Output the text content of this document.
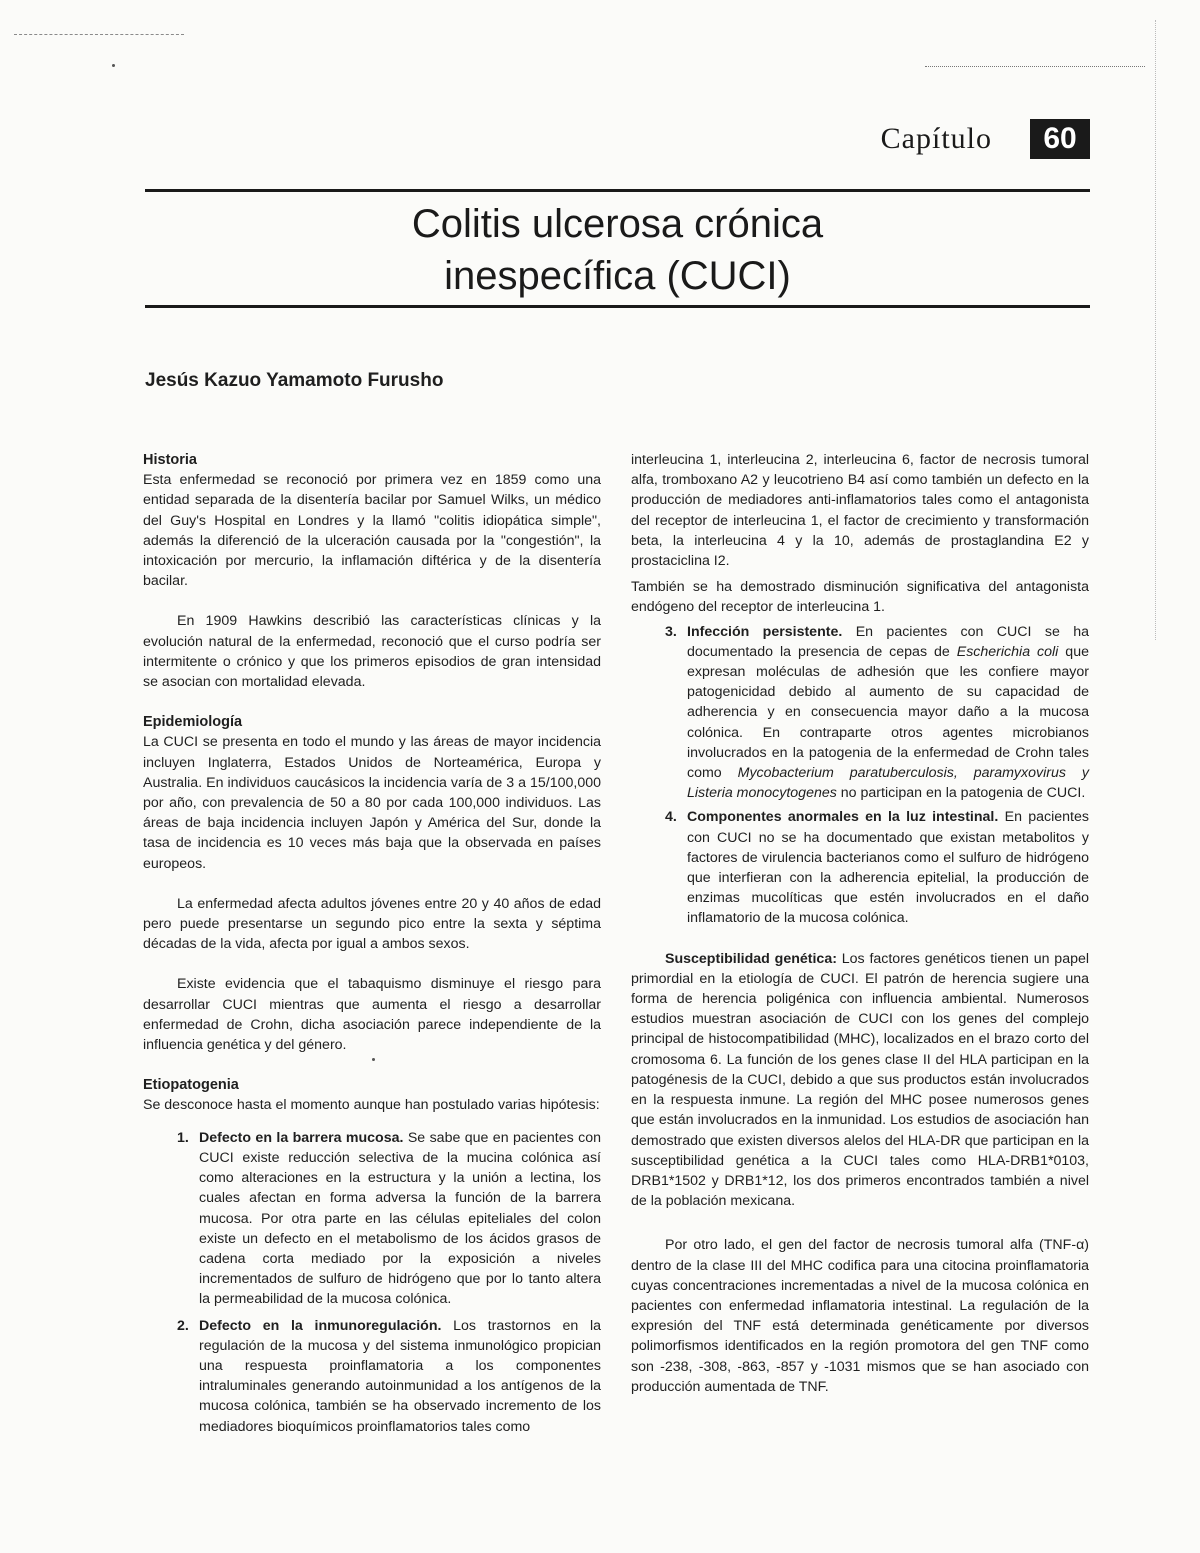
Capítulo	60
Colitis ulcerosa crónica
inespecífica (CUCI)
Jesús Kazuo Yamamoto Furusho

Historia

Esta enfermedad se reconoció por primera vez en 1859 como una entidad separada de la disentería bacilar por Samuel Wilks, un médico del Guy's Hospital en Londres y la llamó "colitis idiopática simple", además la diferenció de la ulceración causada por la "congestión", la intoxicación por mercurio, la inflamación diftérica y de la disentería bacilar.

En 1909 Hawkins describió las características clínicas y la evolución natural de la enfermedad, reconoció que el curso podría ser intermitente o crónico y que los primeros episodios de gran intensidad se asocian con mortalidad elevada.

Epidemiología

La CUCI se presenta en todo el mundo y las áreas de mayor incidencia incluyen Inglaterra, Estados Unidos de Norteamérica, Europa y Australia. En individuos caucásicos la incidencia varía de 3 a 15/100,000 por año, con prevalencia de 50 a 80 por cada 100,000 individuos. Las áreas de baja incidencia incluyen Japón y América del Sur, donde la tasa de incidencia es 10 veces más baja que la observada en países europeos.

La enfermedad afecta adultos jóvenes entre 20 y 40 años de edad pero puede presentarse un segundo pico entre la sexta y séptima décadas de la vida, afecta por igual a ambos sexos.

Existe evidencia que el tabaquismo disminuye el riesgo para desarrollar CUCI mientras que aumenta el riesgo a desarrollar enfermedad de Crohn, dicha asociación parece independiente de la influencia genética y del género.

Etiopatogenia

Se desconoce hasta el momento aunque han postulado varias hipótesis:

1. Defecto en la barrera mucosa. Se sabe que en pacientes con CUCI existe reducción selectiva de la mucina colónica así como alteraciones en la estructura y la unión a lectina, los cuales afectan en forma adversa la función de la barrera mucosa. Por otra parte en las células epiteliales del colon existe un defecto en el metabolismo de los ácidos grasos de cadena corta mediado por la exposición a niveles incrementados de sulfuro de hidrógeno que por lo tanto altera la permeabilidad de la mucosa colónica.
2. Defecto en la inmunoregulación. Los trastornos en la regulación de la mucosa y del sistema inmunológico propician una respuesta proinflamatoria a los componentes intraluminales generando autoinmunidad a los antígenos de la mucosa colónica, también se ha observado incremento de los mediadores bioquímicos proinflamatorios tales como

interleucina 1, interleucina 2, interleucina 6, factor de necrosis tumoral alfa, tromboxano A2 y leucotrieno B4 así como también un defecto en la producción de mediadores anti-inflamatorios tales como el antagonista del receptor de interleucina 1, el factor de crecimiento y transformación beta, la interleucina 4 y la 10, además de prostaglandina E2 y prostaciclina I2.

También se ha demostrado disminución significativa del antagonista endógeno del receptor de interleucina 1.

3. Infección persistente. En pacientes con CUCI se ha documentado la presencia de cepas de Escherichia coli que expresan moléculas de adhesión que les confiere mayor patogenicidad debido al aumento de su capacidad de adherencia y en consecuencia mayor daño a la mucosa colónica. En contraparte otros agentes microbianos involucrados en la patogenia de la enfermedad de Crohn tales como Mycobacterium paratuberculosis, paramyxovirus y Listeria monocytogenes no participan en la patogenia de CUCI.
4. Componentes anormales en la luz intestinal. En pacientes con CUCI no se ha documentado que existan metabolitos y factores de virulencia bacterianos como el sulfuro de hidrógeno que interfieran con la adherencia epitelial, la producción de enzimas mucolíticas que estén involucrados en el daño inflamatorio de la mucosa colónica.

Susceptibilidad genética: Los factores genéticos tienen un papel primordial en la etiología de CUCI. El patrón de herencia sugiere una forma de herencia poligénica con influencia ambiental. Numerosos estudios muestran asociación de CUCI con los genes del complejo principal de histocompatibilidad (MHC), localizados en el brazo corto del cromosoma 6. La función de los genes clase II del HLA participan en la patogénesis de la CUCI, debido a que sus productos están involucrados en la respuesta inmune. La región del MHC posee numerosos genes que están involucrados en la inmunidad. Los estudios de asociación han demostrado que existen diversos alelos del HLA-DR que participan en la susceptibilidad genética a la CUCI tales como HLA-DRB1*0103, DRB1*1502 y DRB1*12, los dos primeros encontrados también a nivel de la población mexicana.

Por otro lado, el gen del factor de necrosis tumoral alfa (TNF-α) dentro de la clase III del MHC codifica para una citocina proinflamatoria cuyas concentraciones incrementadas a nivel de la mucosa colónica en pacientes con enfermedad inflamatoria intestinal. La regulación de la expresión del TNF está determinada genéticamente por diversos polimorfismos identificados en la región promotora del gen TNF como son -238, -308, -863, -857 y -1031 mismos que se han asociado con producción aumentada de TNF.
